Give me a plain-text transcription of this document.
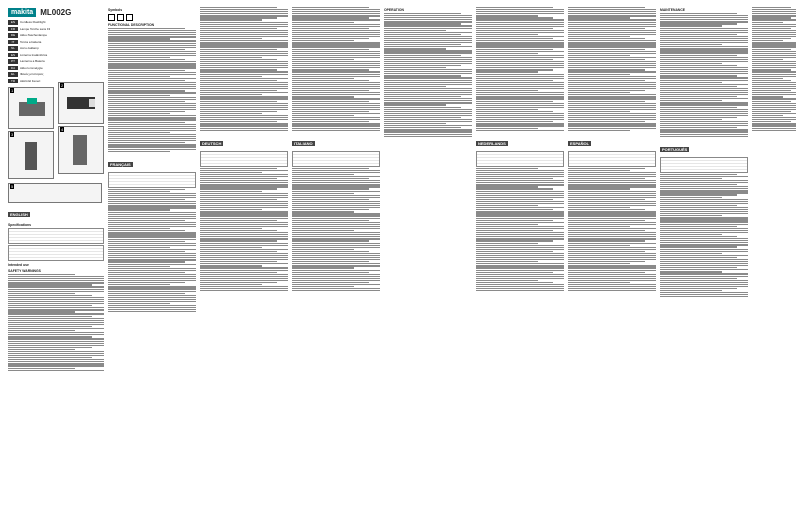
makita ML002G
EN	Cordless Flashlight
FR	Lampe Torche sans Fil
DE	Akku-Taschenlampe
IT	Torcia a batteria
NL	Accu-zaklamp
ES	Linterna Inalámbrica
PT	Lanterna a Bateria
DA	Akku lommelygte
EL	Φακός μπαταρίας
TR	Akülü El Feneri
1
2
3
4
5
ENGLISH
Specifications
Intended use
SAFETY WARNINGS
Symbols
FUNCTIONAL DESCRIPTION
FRANÇAIS
DEUTSCH	ITALIANO
OPERATION
NEDERLANDS	ESPAÑOL
MAINTENANCE
PORTUGUÊS
